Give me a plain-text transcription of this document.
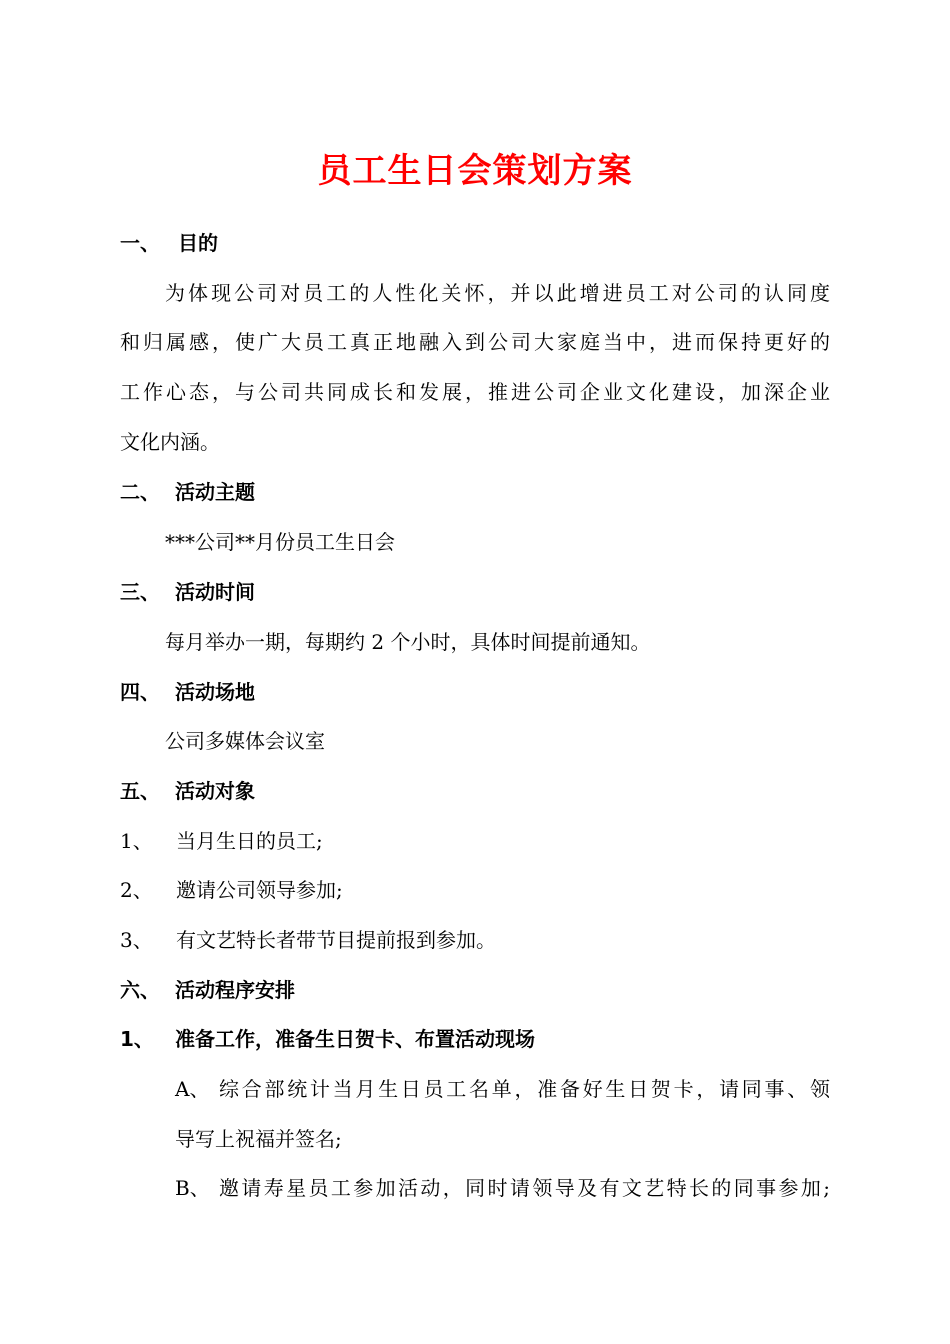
员工生日会策划方案
一、 目的
为体现公司对员工的人性化关怀，并以此增进员工对公司的认同度
和归属感，使广大员工真正地融入到公司大家庭当中，进而保持更好的
工作心态，与公司共同成长和发展，推进公司企业文化建设，加深企业
文化内涵。
二、 活动主题
***公司**月份员工生日会
三、 活动时间
每月举办一期，每期约 2 个小时，具体时间提前通知。
四、 活动场地
公司多媒体会议室
五、 活动对象
1、 当月生日的员工;
2、 邀请公司领导参加;
3、 有文艺特长者带节目提前报到参加。
六、 活动程序安排
1、 准备工作，准备生日贺卡、布置活动现场
A、 综合部统计当月生日员工名单，准备好生日贺卡，请同事、领
导写上祝福并签名;
B、 邀请寿星员工参加活动，同时请领导及有文艺特长的同事参加;
